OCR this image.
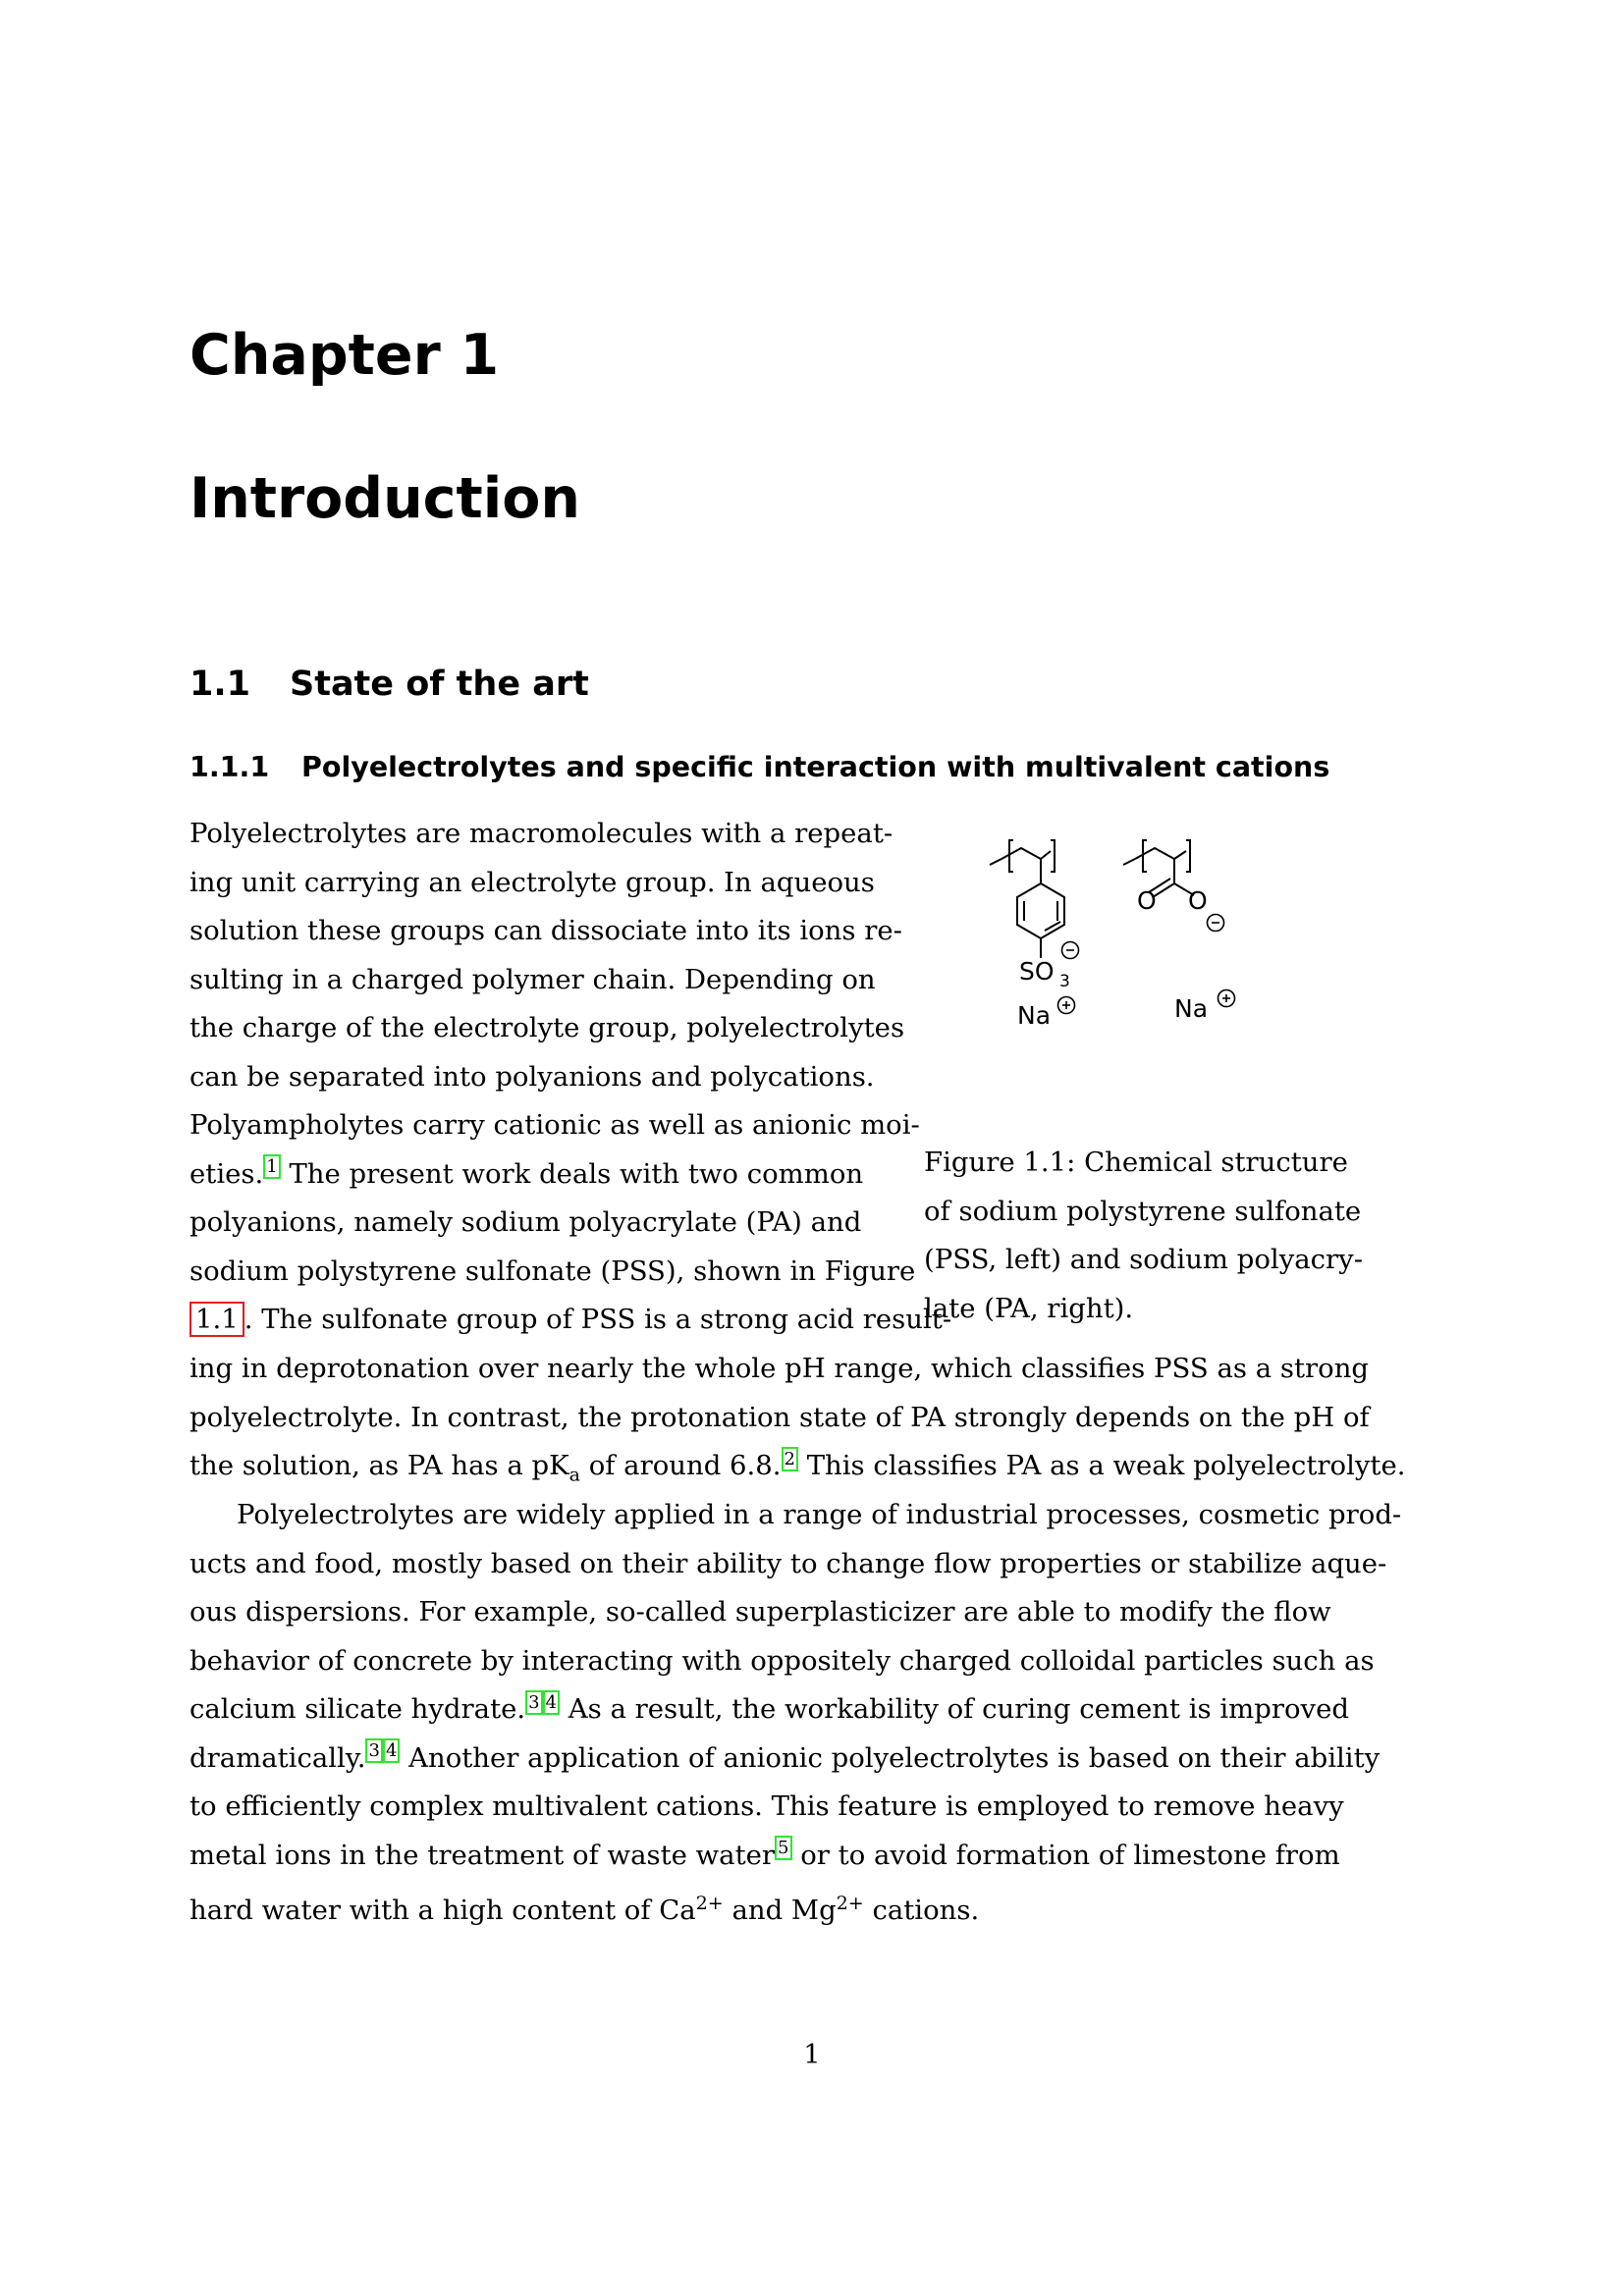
Chapter 1
Introduction
1.1 State of the art
1.1.1 Polyelectrolytes and specific interaction with multivalent cations
Polyelectrolytes are macromolecules with a repeat-
ing unit carrying an electrolyte group. In aqueous
solution these groups can dissociate into its ions re-
sulting in a charged polymer chain. Depending on
the charge of the electrolyte group, polyelectrolytes
can be separated into polyanions and polycations.
Polyampholytes carry cationic as well as anionic moi-
eties. $^1$ The present work deals with two common
polyanions, namely sodium polyacrylate (PA) and
sodium polystyrene sulfonate (PSS), shown in Figure
1.1 . The sulfonate group of PSS is a strong acid result-
SO 3
Na
O O
Na
Figure 1.1: Chemical structure
of sodium polystyrene sulfonate
(PSS, left) and sodium polyacry-
late (PA, right).
ing in deprotonation over nearly the whole pH range, which classifies PSS as a strong
polyelectrolyte. In contrast, the protonation state of PA strongly depends on the pH of
the solution, as PA has a $pK_a$ of around 6.8. $^2$ This classifies PA as a weak polyelectrolyte.
Polyelectrolytes are widely applied in a range of industrial processes, cosmetic prod-
ucts and food, mostly based on their ability to change flow properties or stabilize aque-
ous dispersions. For example, so-called superplasticizer are able to modify the flow
behavior of concrete by interacting with oppositely charged colloidal particles such as
calcium silicate hydrate. $^3$ $^4$ As a result, the workability of curing cement is improved
dramatically. $^3$ $^4$ Another application of anionic polyelectrolytes is based on their ability
to efficiently complex multivalent cations. This feature is employed to remove heavy
metal ions in the treatment of waste water $^5$ or to avoid formation of limestone from
hard water with a high content of $Ca^{2+}$ and $Mg^{2+}$ cations.
1
